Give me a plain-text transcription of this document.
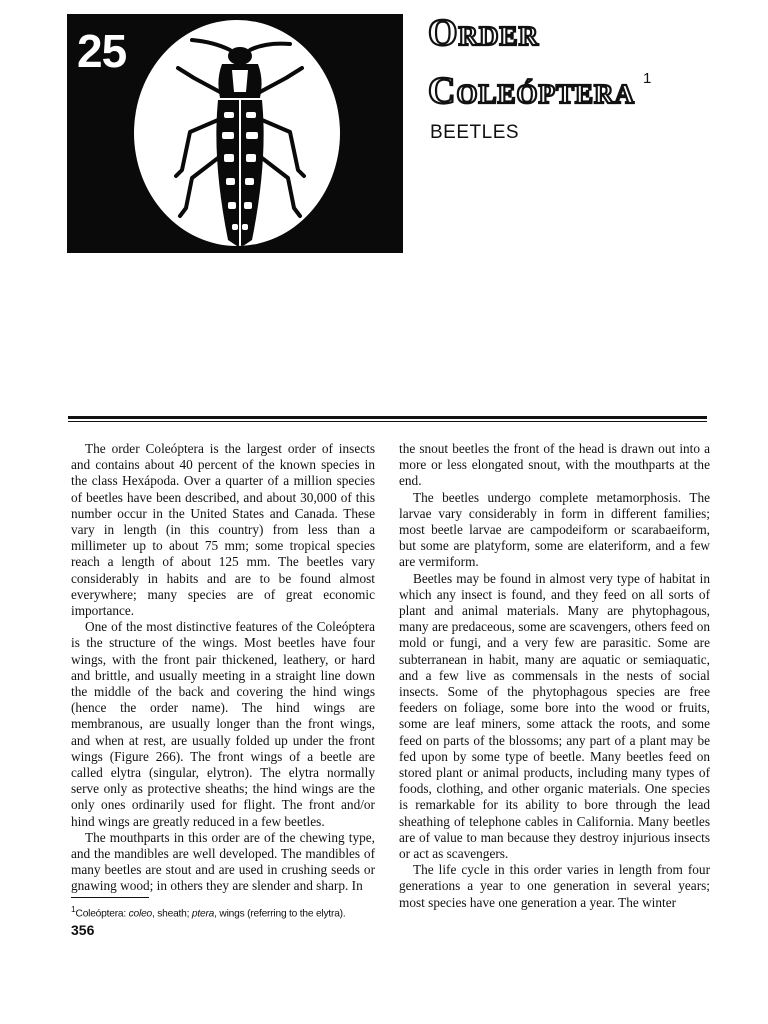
25	Order
Coleóptera $^1$
BEETLES

The order Coleóptera is the largest order of insects and contains about 40 percent of the known species in the class Hexápoda. Over a quarter of a million species of beetles have been described, and about 30,000 of this number occur in the United States and Canada. These vary in length (in this country) from less than a millimeter up to about 75 mm; some tropical species reach a length of about 125 mm. The beetles vary considerably in habits and are to be found almost everywhere; many species are of great economic importance.

One of the most distinctive features of the Coleóptera is the structure of the wings. Most beetles have four wings, with the front pair thickened, leathery, or hard and brittle, and usually meeting in a straight line down the middle of the back and covering the hind wings (hence the order name). The hind wings are membranous, are usually longer than the front wings, and when at rest, are usually folded up under the front wings (Figure 266). The front wings of a beetle are called elytra (singular, elytron). The elytra normally serve only as protective sheaths; the hind wings are the only ones ordinarily used for flight. The front and/or hind wings are greatly reduced in a few beetles.

The mouthparts in this order are of the chewing type, and the mandibles are well developed. The mandibles of many beetles are stout and are used in crushing seeds or gnawing wood; in others they are slender and sharp. In

the snout beetles the front of the head is drawn out into a more or less elongated snout, with the mouthparts at the end.

The beetles undergo complete metamorphosis. The larvae vary considerably in form in different families; most beetle larvae are campodeiform or scarabaeiform, but some are platyform, some are elateriform, and a few are vermiform.

Beetles may be found in almost very type of habitat in which any insect is found, and they feed on all sorts of plant and animal materials. Many are phytophagous, many are predaceous, some are scavengers, others feed on mold or fungi, and a very few are parasitic. Some are subterranean in habit, many are aquatic or semiaquatic, and a few live as commensals in the nests of social insects. Some of the phytophagous species are free feeders on foliage, some bore into the wood or fruits, some are leaf miners, some attack the roots, and some feed on parts of the blossoms; any part of a plant may be fed upon by some type of beetle. Many beetles feed on stored plant or animal products, including many types of foods, clothing, and other organic materials. One species is remarkable for its ability to bore through the lead sheathing of telephone cables in California. Many beetles are of value to man because they destroy injurious insects or act as scavengers.

The life cycle in this order varies in length from four generations a year to one generation in several years; most species have one generation a year. The winter

$^1$Coleóptera: coleo, sheath; ptera, wings (referring to the elytra).
356
